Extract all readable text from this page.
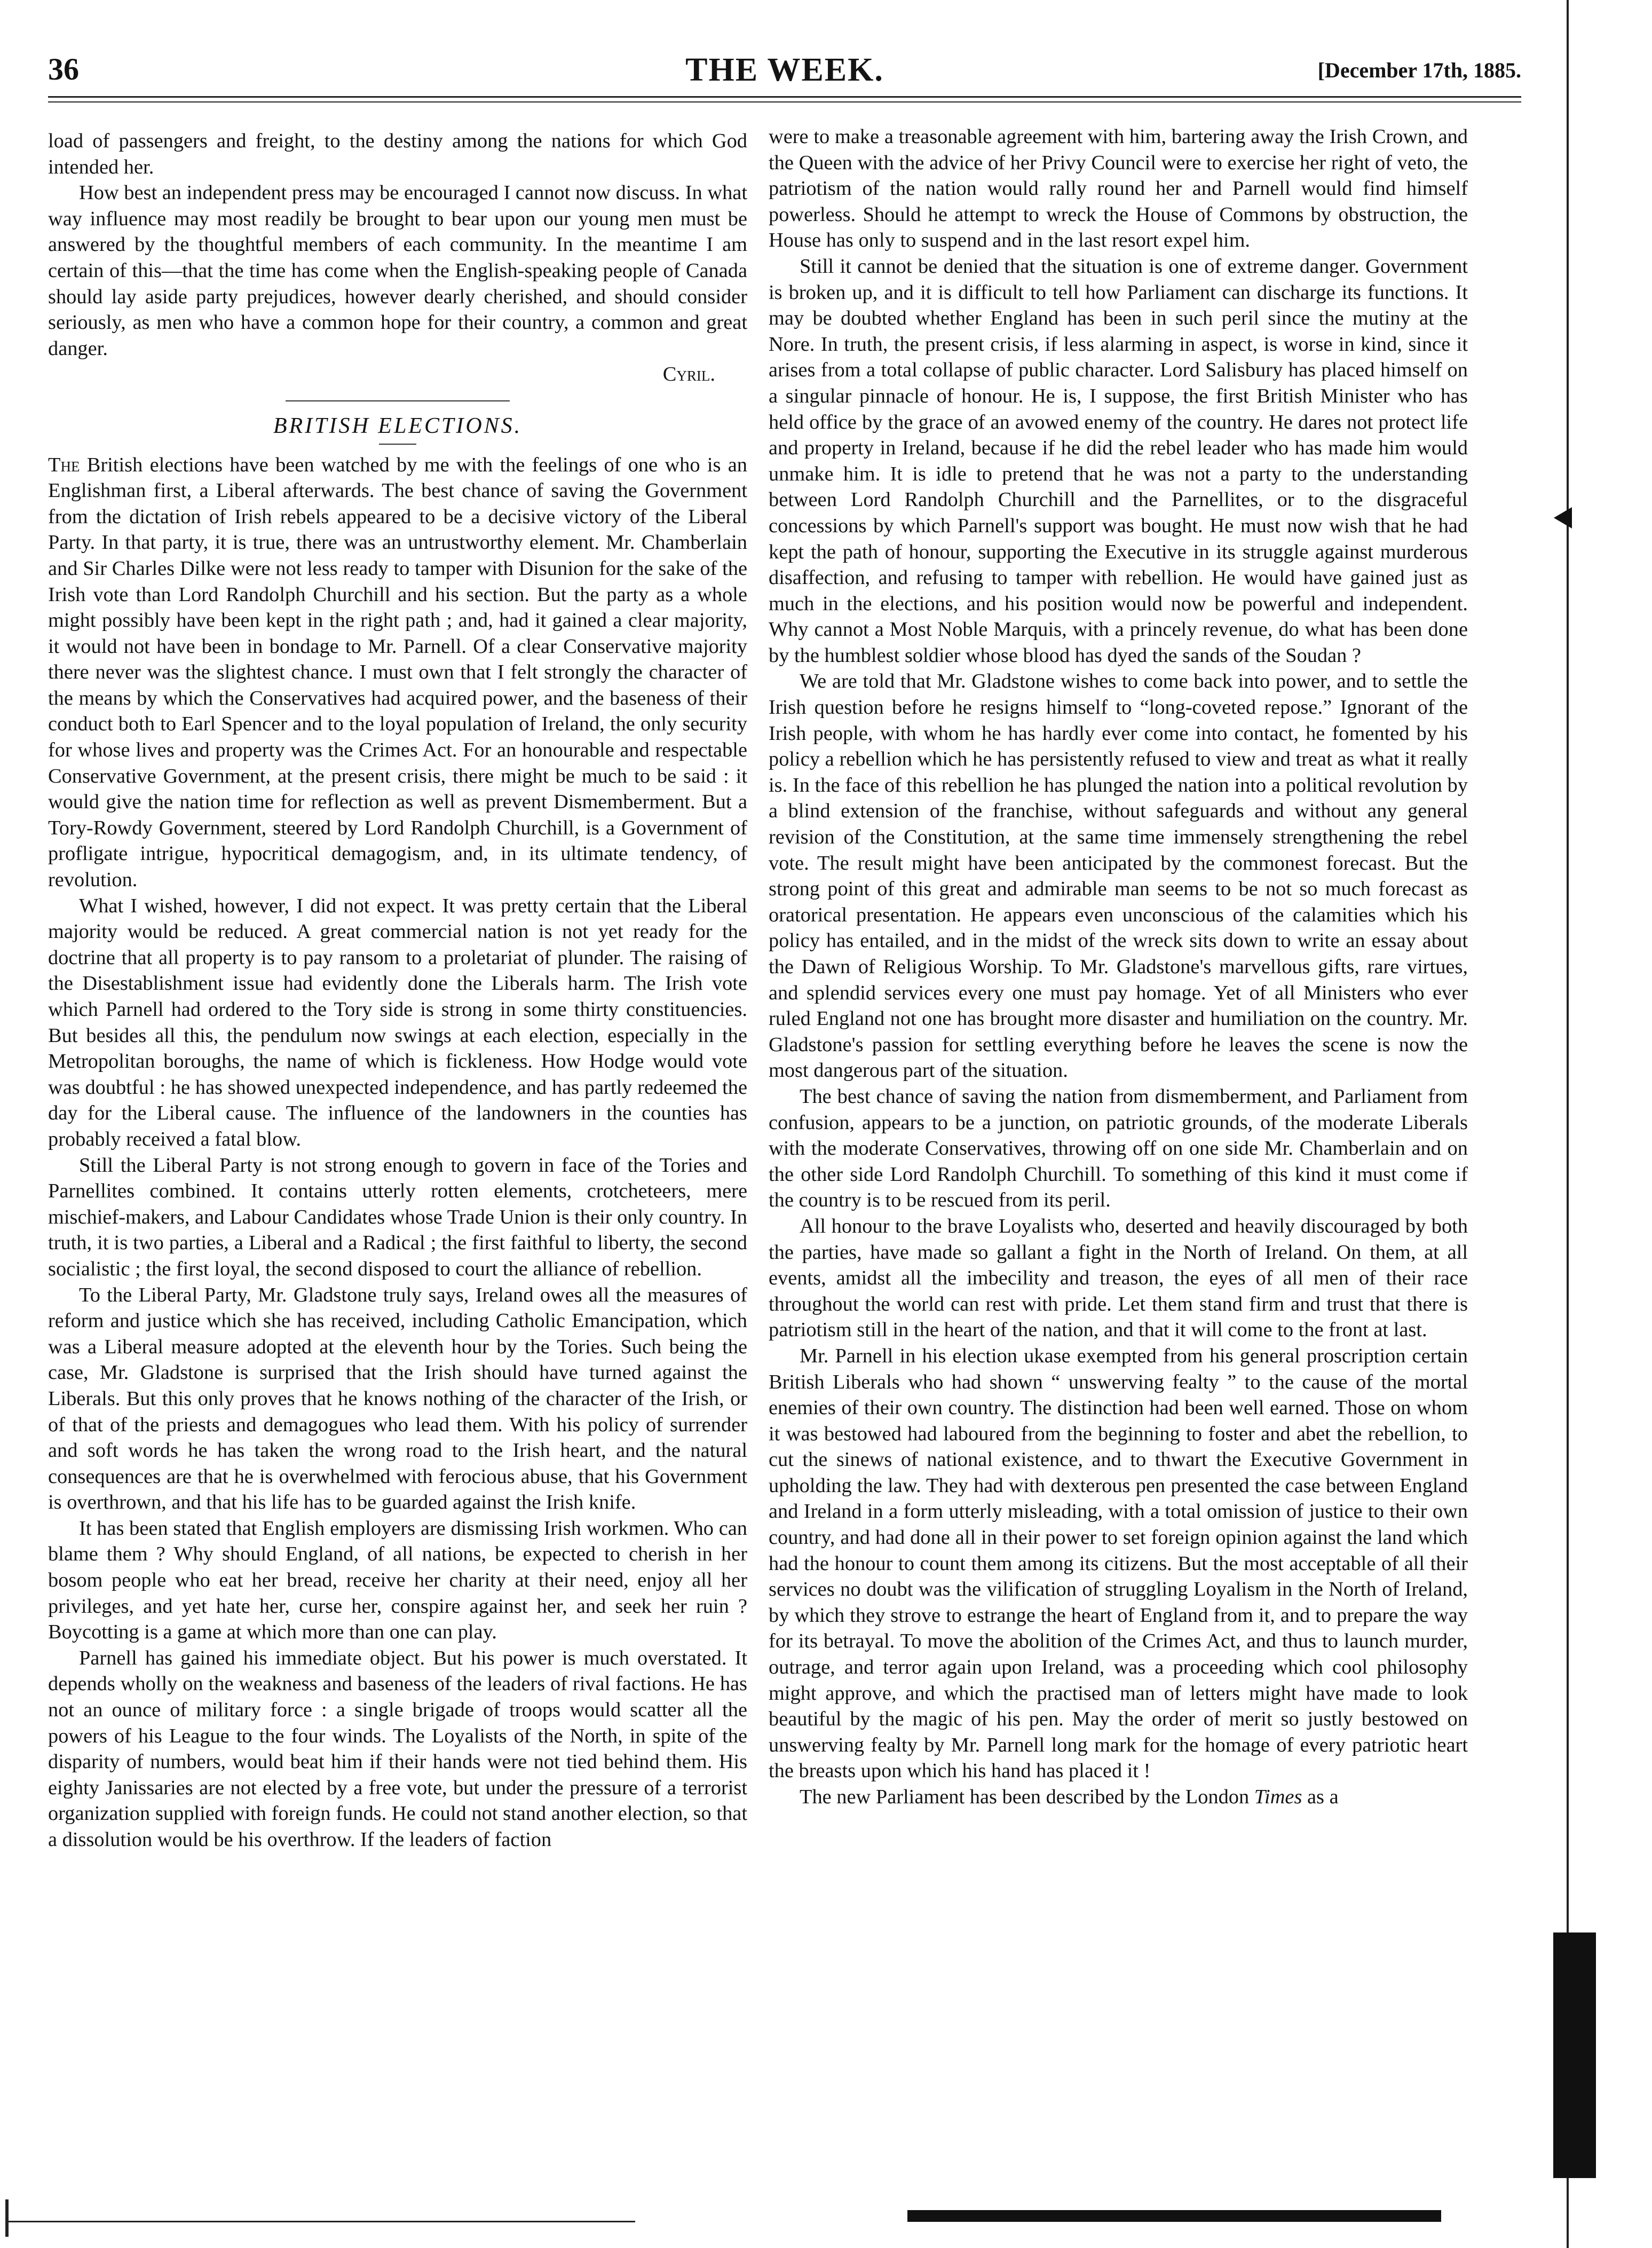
36	THE WEEK.	[December 17th, 1885.

load of passengers and freight, to the destiny among the nations for which God intended her.

How best an independent press may be encouraged I cannot now discuss. In what way influence may most readily be brought to bear upon our young men must be answered by the thoughtful members of each community. In the meantime I am certain of this—that the time has come when the English-speaking people of Canada should lay aside party prejudices, however dearly cherished, and should consider seriously, as men who have a common hope for their country, a common and great danger.

Cyril.

BRITISH ELECTIONS.

The British elections have been watched by me with the feelings of one who is an Englishman first, a Liberal afterwards. The best chance of saving the Government from the dictation of Irish rebels appeared to be a decisive victory of the Liberal Party. In that party, it is true, there was an untrustworthy element. Mr. Chamberlain and Sir Charles Dilke were not less ready to tamper with Disunion for the sake of the Irish vote than Lord Randolph Churchill and his section. But the party as a whole might possibly have been kept in the right path ; and, had it gained a clear majority, it would not have been in bondage to Mr. Parnell. Of a clear Conservative majority there never was the slightest chance. I must own that I felt strongly the character of the means by which the Conservatives had acquired power, and the baseness of their conduct both to Earl Spencer and to the loyal population of Ireland, the only security for whose lives and property was the Crimes Act. For an honourable and respectable Conservative Government, at the present crisis, there might be much to be said : it would give the nation time for reflection as well as prevent Dismemberment. But a Tory-Rowdy Government, steered by Lord Randolph Churchill, is a Government of profligate intrigue, hypocritical demagogism, and, in its ultimate tendency, of revolution.

What I wished, however, I did not expect. It was pretty certain that the Liberal majority would be reduced. A great commercial nation is not yet ready for the doctrine that all property is to pay ransom to a proletariat of plunder. The raising of the Disestablishment issue had evidently done the Liberals harm. The Irish vote which Parnell had ordered to the Tory side is strong in some thirty constituencies. But besides all this, the pendulum now swings at each election, especially in the Metropolitan boroughs, the name of which is fickleness. How Hodge would vote was doubtful : he has showed unexpected independence, and has partly redeemed the day for the Liberal cause. The influence of the landowners in the counties has probably received a fatal blow.

Still the Liberal Party is not strong enough to govern in face of the Tories and Parnellites combined. It contains utterly rotten elements, crotcheteers, mere mischief-makers, and Labour Candidates whose Trade Union is their only country. In truth, it is two parties, a Liberal and a Radical ; the first faithful to liberty, the second socialistic ; the first loyal, the second disposed to court the alliance of rebellion.

To the Liberal Party, Mr. Gladstone truly says, Ireland owes all the measures of reform and justice which she has received, including Catholic Emancipation, which was a Liberal measure adopted at the eleventh hour by the Tories. Such being the case, Mr. Gladstone is surprised that the Irish should have turned against the Liberals. But this only proves that he knows nothing of the character of the Irish, or of that of the priests and demagogues who lead them. With his policy of surrender and soft words he has taken the wrong road to the Irish heart, and the natural consequences are that he is overwhelmed with ferocious abuse, that his Government is overthrown, and that his life has to be guarded against the Irish knife.

It has been stated that English employers are dismissing Irish workmen. Who can blame them ? Why should England, of all nations, be expected to cherish in her bosom people who eat her bread, receive her charity at their need, enjoy all her privileges, and yet hate her, curse her, conspire against her, and seek her ruin ? Boycotting is a game at which more than one can play.

Parnell has gained his immediate object. But his power is much overstated. It depends wholly on the weakness and baseness of the leaders of rival factions. He has not an ounce of military force : a single brigade of troops would scatter all the powers of his League to the four winds. The Loyalists of the North, in spite of the disparity of numbers, would beat him if their hands were not tied behind them. His eighty Janissaries are not elected by a free vote, but under the pressure of a terrorist organization supplied with foreign funds. He could not stand another election, so that a dissolution would be his overthrow. If the leaders of faction

were to make a treasonable agreement with him, bartering away the Irish Crown, and the Queen with the advice of her Privy Council were to exercise her right of veto, the patriotism of the nation would rally round her and Parnell would find himself powerless. Should he attempt to wreck the House of Commons by obstruction, the House has only to suspend and in the last resort expel him.

Still it cannot be denied that the situation is one of extreme danger. Government is broken up, and it is difficult to tell how Parliament can discharge its functions. It may be doubted whether England has been in such peril since the mutiny at the Nore. In truth, the present crisis, if less alarming in aspect, is worse in kind, since it arises from a total collapse of public character. Lord Salisbury has placed himself on a singular pinnacle of honour. He is, I suppose, the first British Minister who has held office by the grace of an avowed enemy of the country. He dares not protect life and property in Ireland, because if he did the rebel leader who has made him would unmake him. It is idle to pretend that he was not a party to the understanding between Lord Randolph Churchill and the Parnellites, or to the disgraceful concessions by which Parnell's support was bought. He must now wish that he had kept the path of honour, supporting the Executive in its struggle against murderous disaffection, and refusing to tamper with rebellion. He would have gained just as much in the elections, and his position would now be powerful and independent. Why cannot a Most Noble Marquis, with a princely revenue, do what has been done by the humblest soldier whose blood has dyed the sands of the Soudan ?

We are told that Mr. Gladstone wishes to come back into power, and to settle the Irish question before he resigns himself to “long-coveted repose.” Ignorant of the Irish people, with whom he has hardly ever come into contact, he fomented by his policy a rebellion which he has persistently refused to view and treat as what it really is. In the face of this rebellion he has plunged the nation into a political revolution by a blind extension of the franchise, without safeguards and without any general revision of the Constitution, at the same time immensely strengthening the rebel vote. The result might have been anticipated by the commonest forecast. But the strong point of this great and admirable man seems to be not so much forecast as oratorical presentation. He appears even unconscious of the calamities which his policy has entailed, and in the midst of the wreck sits down to write an essay about the Dawn of Religious Worship. To Mr. Gladstone's marvellous gifts, rare virtues, and splendid services every one must pay homage. Yet of all Ministers who ever ruled England not one has brought more disaster and humiliation on the country. Mr. Gladstone's passion for settling everything before he leaves the scene is now the most dangerous part of the situation.

The best chance of saving the nation from dismemberment, and Parliament from confusion, appears to be a junction, on patriotic grounds, of the moderate Liberals with the moderate Conservatives, throwing off on one side Mr. Chamberlain and on the other side Lord Randolph Churchill. To something of this kind it must come if the country is to be rescued from its peril.

All honour to the brave Loyalists who, deserted and heavily discouraged by both the parties, have made so gallant a fight in the North of Ireland. On them, at all events, amidst all the imbecility and treason, the eyes of all men of their race throughout the world can rest with pride. Let them stand firm and trust that there is patriotism still in the heart of the nation, and that it will come to the front at last.

Mr. Parnell in his election ukase exempted from his general proscription certain British Liberals who had shown “ unswerving fealty ” to the cause of the mortal enemies of their own country. The distinction had been well earned. Those on whom it was bestowed had laboured from the beginning to foster and abet the rebellion, to cut the sinews of national existence, and to thwart the Executive Government in upholding the law. They had with dexterous pen presented the case between England and Ireland in a form utterly misleading, with a total omission of justice to their own country, and had done all in their power to set foreign opinion against the land which had the honour to count them among its citizens. But the most acceptable of all their services no doubt was the vilification of struggling Loyalism in the North of Ireland, by which they strove to estrange the heart of England from it, and to prepare the way for its betrayal. To move the abolition of the Crimes Act, and thus to launch murder, outrage, and terror again upon Ireland, was a proceeding which cool philosophy might approve, and which the practised man of letters might have made to look beautiful by the magic of his pen. May the order of merit so justly bestowed on unswerving fealty by Mr. Parnell long mark for the homage of every patriotic heart the breasts upon which his hand has placed it !

The new Parliament has been described by the London Times as a
